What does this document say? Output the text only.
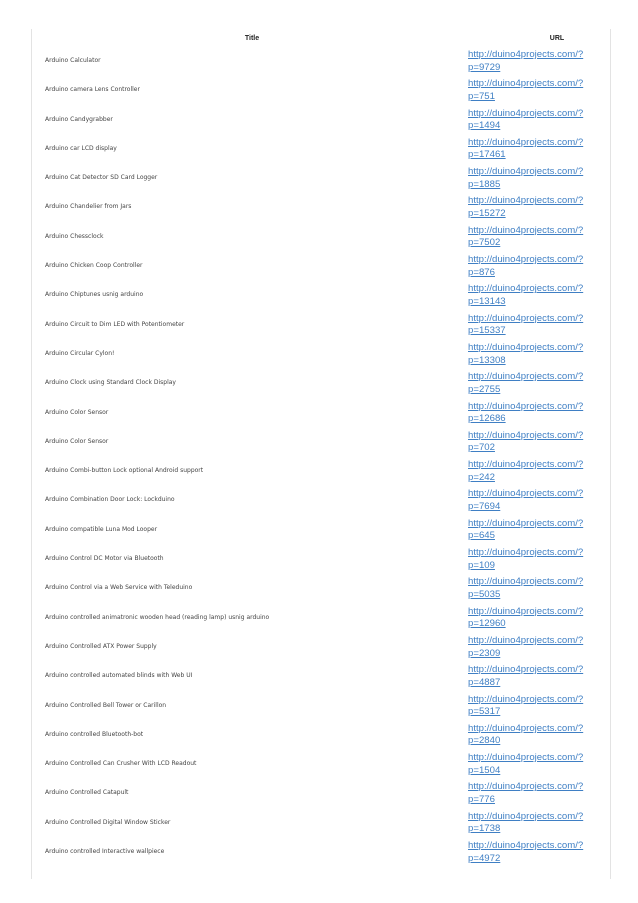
Title	URL
Arduino Calculator
http://duino4projects.com/?
p=9729
Arduino camera Lens Controller
http://duino4projects.com/?
p=751
Arduino Candygrabber
http://duino4projects.com/?
p=1494
Arduino car LCD display
http://duino4projects.com/?
p=17461
Arduino Cat Detector SD Card Logger
http://duino4projects.com/?
p=1885
Arduino Chandelier from Jars
http://duino4projects.com/?
p=15272
Arduino Chessclock
http://duino4projects.com/?
p=7502
Arduino Chicken Coop Controller
http://duino4projects.com/?
p=876
Arduino Chiptunes usnig arduino
http://duino4projects.com/?
p=13143
Arduino Circuit to Dim LED with Potentiometer
http://duino4projects.com/?
p=15337
Arduino Circular Cylon!
http://duino4projects.com/?
p=13308
Arduino Clock using Standard Clock Display
http://duino4projects.com/?
p=2755
Arduino Color Sensor
http://duino4projects.com/?
p=12686
Arduino Color Sensor
http://duino4projects.com/?
p=702
Arduino Combi-button Lock optional Android support
http://duino4projects.com/?
p=242
Arduino Combination Door Lock: Lockduino
http://duino4projects.com/?
p=7694
Arduino compatible Luna Mod Looper
http://duino4projects.com/?
p=645
Arduino Control DC Motor via Bluetooth
http://duino4projects.com/?
p=109
Arduino Control via a Web Service with Teleduino
http://duino4projects.com/?
p=5035
Arduino controlled animatronic wooden head (reading lamp) usnig arduino
http://duino4projects.com/?
p=12960
Arduino Controlled ATX Power Supply
http://duino4projects.com/?
p=2309
Arduino controlled automated blinds with Web UI
http://duino4projects.com/?
p=4887
Arduino Controlled Bell Tower or Carillon
http://duino4projects.com/?
p=5317
Arduino controlled Bluetooth-bot
http://duino4projects.com/?
p=2840
Arduino Controlled Can Crusher With LCD Readout
http://duino4projects.com/?
p=1504
Arduino Controlled Catapult
http://duino4projects.com/?
p=776
Arduino Controlled Digital Window Sticker
http://duino4projects.com/?
p=1738
Arduino controlled Interactive wallpiece
http://duino4projects.com/?
p=4972
